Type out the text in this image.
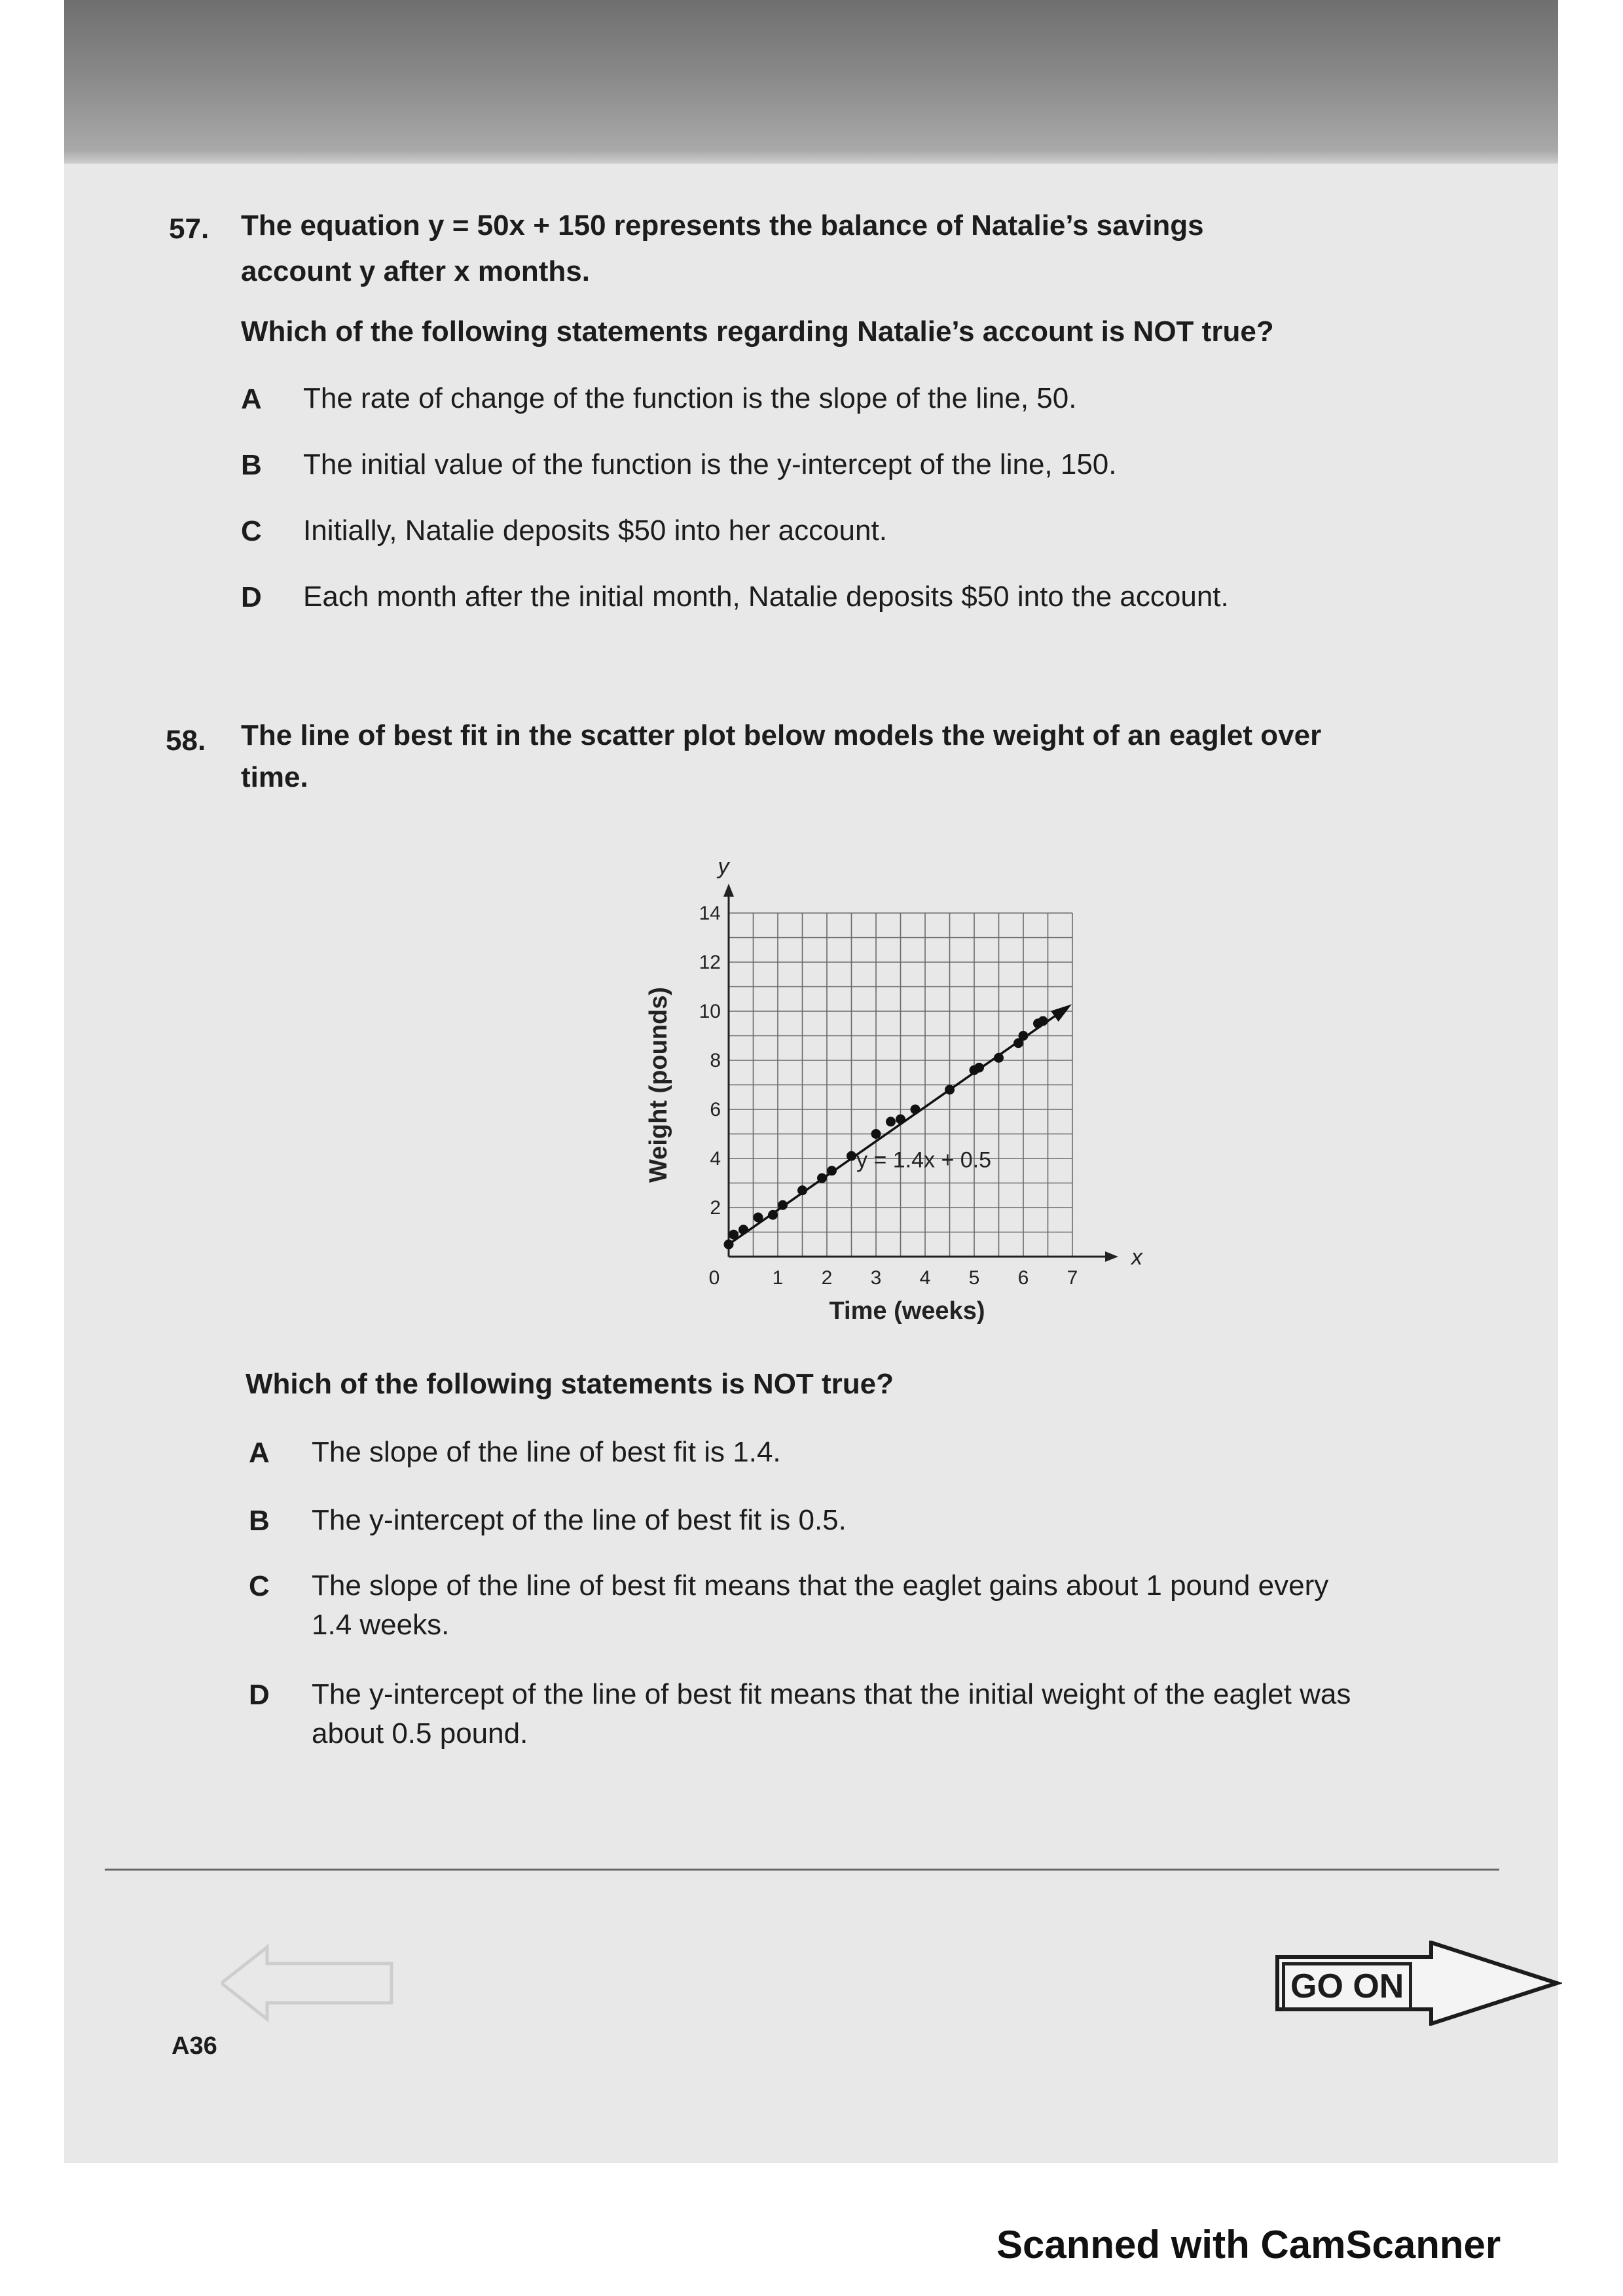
57. The equation y = 50x + 150 represents the balance of Natalie’s savings
account y after x months.
Which of the following statements regarding Natalie’s account is NOT true?
A The rate of change of the function is the slope of the line, 50.
B The initial value of the function is the y-intercept of the line, 150.
C Initially, Natalie deposits $50 into her account.
D Each month after the initial month, Natalie deposits $50 into the account.
58. The line of best fit in the scatter plot below models the weight of an eaglet over
time.
0	1 2 3 4 5 6 7
2
4
6
8
10
12
14
x
y
Time (weeks)
Weight (pounds)	y = 1.4x + 0.5
Which of the following statements is NOT true?
A The slope of the line of best fit is 1.4.
B The y-intercept of the line of best fit is 0.5.
C The slope of the line of best fit means that the eaglet gains about 1 pound every
1.4 weeks.
D The y-intercept of the line of best fit means that the initial weight of the eaglet was
about 0.5 pound.
GO ON
A36
Scanned with CamScanner
